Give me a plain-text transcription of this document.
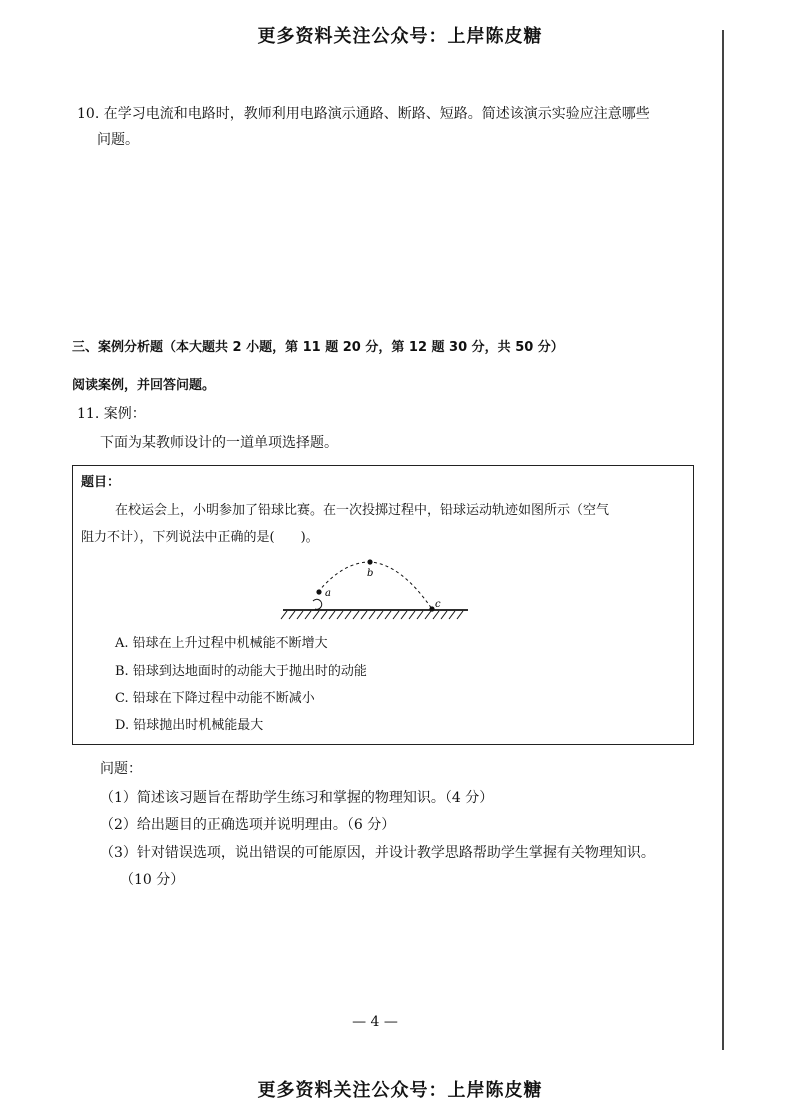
更多资料关注公众号：上岸陈皮糖
10. 在学习电流和电路时，教师利用电路演示通路、断路、短路。简述该演示实验应注意哪些
问题。
三、案例分析题（本大题共 2 小题，第 11 题 20 分，第 12 题 30 分，共 50 分）
阅读案例，并回答问题。
11. 案例：
下面为某教师设计的一道单项选择题。
题目：
在校运会上，小明参加了铅球比赛。在一次投掷过程中，铅球运动轨迹如图所示（空气
阻力不计），下列说法中正确的是(　　)。
a
b
c
A. 铅球在上升过程中机械能不断增大
B. 铅球到达地面时的动能大于抛出时的动能
C. 铅球在下降过程中动能不断减小
D. 铅球抛出时机械能最大
问题：
（1）简述该习题旨在帮助学生练习和掌握的物理知识。（4 分）
（2）给出题目的正确选项并说明理由。（6 分）
（3）针对错误选项，说出错误的可能原因，并设计教学思路帮助学生掌握有关物理知识。
（10 分）
— 4 —
更多资料关注公众号：上岸陈皮糖
